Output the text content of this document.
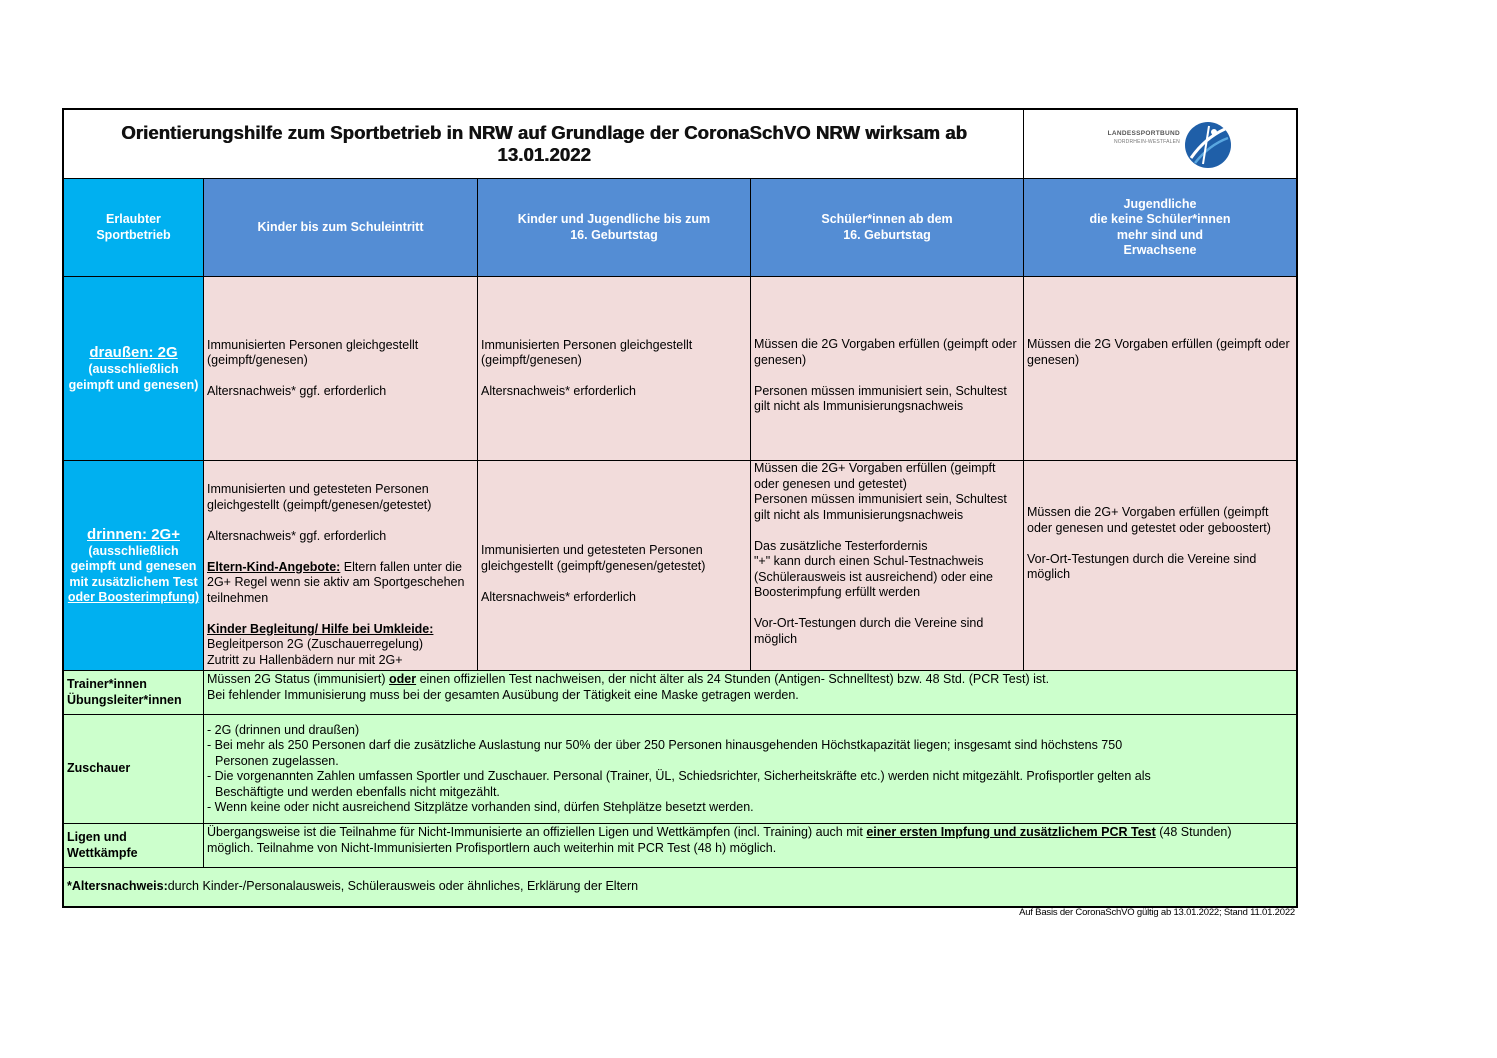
Orientierungshilfe zum Sportbetrieb in NRW auf Grundlage der CoronaSchVO NRW wirksam ab 13.01.2022
LANDESSPORTBUND
NORDRHEIN-WESTFALEN
Erlaubter
Sportbetrieb
Kinder bis zum Schuleintritt
Kinder und Jugendliche bis zum
16. Geburtstag
Schüler*innen ab dem
16. Geburtstag
Jugendliche
die keine Schüler*innen
mehr sind und
Erwachsene
draußen: 2G
(ausschließlich
geimpft und genesen)

Immunisierten Personen gleichgestellt

(geimpft/genesen)

Altersnachweis* ggf. erforderlich

Immunisierten Personen gleichgestellt

(geimpft/genesen)

Altersnachweis* erforderlich

Müssen die 2G Vorgaben erfüllen (geimpft oder

genesen)

Personen müssen immunisiert sein, Schultest

gilt nicht als Immunisierungsnachweis

Müssen die 2G Vorgaben erfüllen (geimpft oder

genesen)

drinnen: 2G+
(ausschließlich
geimpft und genesen
mit zusätzlichem Test
oder Boosterimpfung)

Immunisierten und getesteten Personen

gleichgestellt (geimpft/genesen/getestet)

Altersnachweis* ggf. erforderlich

Eltern-Kind-Angebote: Eltern fallen unter die

2G+ Regel wenn sie aktiv am Sportgeschehen

teilnehmen

Kinder Begleitung/ Hilfe bei Umkleide:

Begleitperson 2G (Zuschauerregelung)

Zutritt zu Hallenbädern nur mit 2G+

Immunisierten und getesteten Personen

gleichgestellt (geimpft/genesen/getestet)

Altersnachweis* erforderlich

Müssen die 2G+ Vorgaben erfüllen (geimpft

oder genesen und getestet)

Personen müssen immunisiert sein, Schultest

gilt nicht als Immunisierungsnachweis

Das zusätzliche Testerfordernis

"+" kann durch einen Schul-Testnachweis

(Schülerausweis ist ausreichend) oder eine

Boosterimpfung erfüllt werden

Vor-Ort-Testungen durch die Vereine sind

möglich

Müssen die 2G+ Vorgaben erfüllen (geimpft

oder genesen und getestet oder geboostert)

Vor-Ort-Testungen durch die Vereine sind

möglich

Trainer*innen
Übungsleiter*innen

Müssen 2G Status (immunisiert) oder einen offiziellen Test nachweisen, der nicht älter als 24 Stunden (Antigen- Schnelltest) bzw. 48 Std. (PCR Test) ist.

Bei fehlender Immunisierung muss bei der gesamten Ausübung der Tätigkeit eine Maske getragen werden.

Zuschauer

- 2G (drinnen und draußen)

- Bei mehr als 250 Personen darf die zusätzliche Auslastung nur 50% der über 250 Personen hinausgehenden Höchstkapazität liegen; insgesamt sind höchstens 750

Personen zugelassen.

- Die vorgenannten Zahlen umfassen Sportler und Zuschauer. Personal (Trainer, ÜL, Schiedsrichter, Sicherheitskräfte etc.) werden nicht mitgezählt. Profisportler gelten als

Beschäftigte und werden ebenfalls nicht mitgezählt.

- Wenn keine oder nicht ausreichend Sitzplätze vorhanden sind, dürfen Stehplätze besetzt werden.

Ligen und
Wettkämpfe

Übergangsweise ist die Teilnahme für Nicht-Immunisierte an offiziellen Ligen und Wettkämpfen (incl. Training) auch mit einer ersten Impfung und zusätzlichem PCR Test (48 Stunden)

möglich. Teilnahme von Nicht-Immunisierten Profisportlern auch weiterhin mit PCR Test (48 h) möglich.

*Altersnachweis: durch Kinder-/Personalausweis, Schülerausweis oder ähnliches, Erklärung der Eltern
Auf Basis der CoronaSchVO gültig ab 13.01.2022; Stand 11.01.2022
